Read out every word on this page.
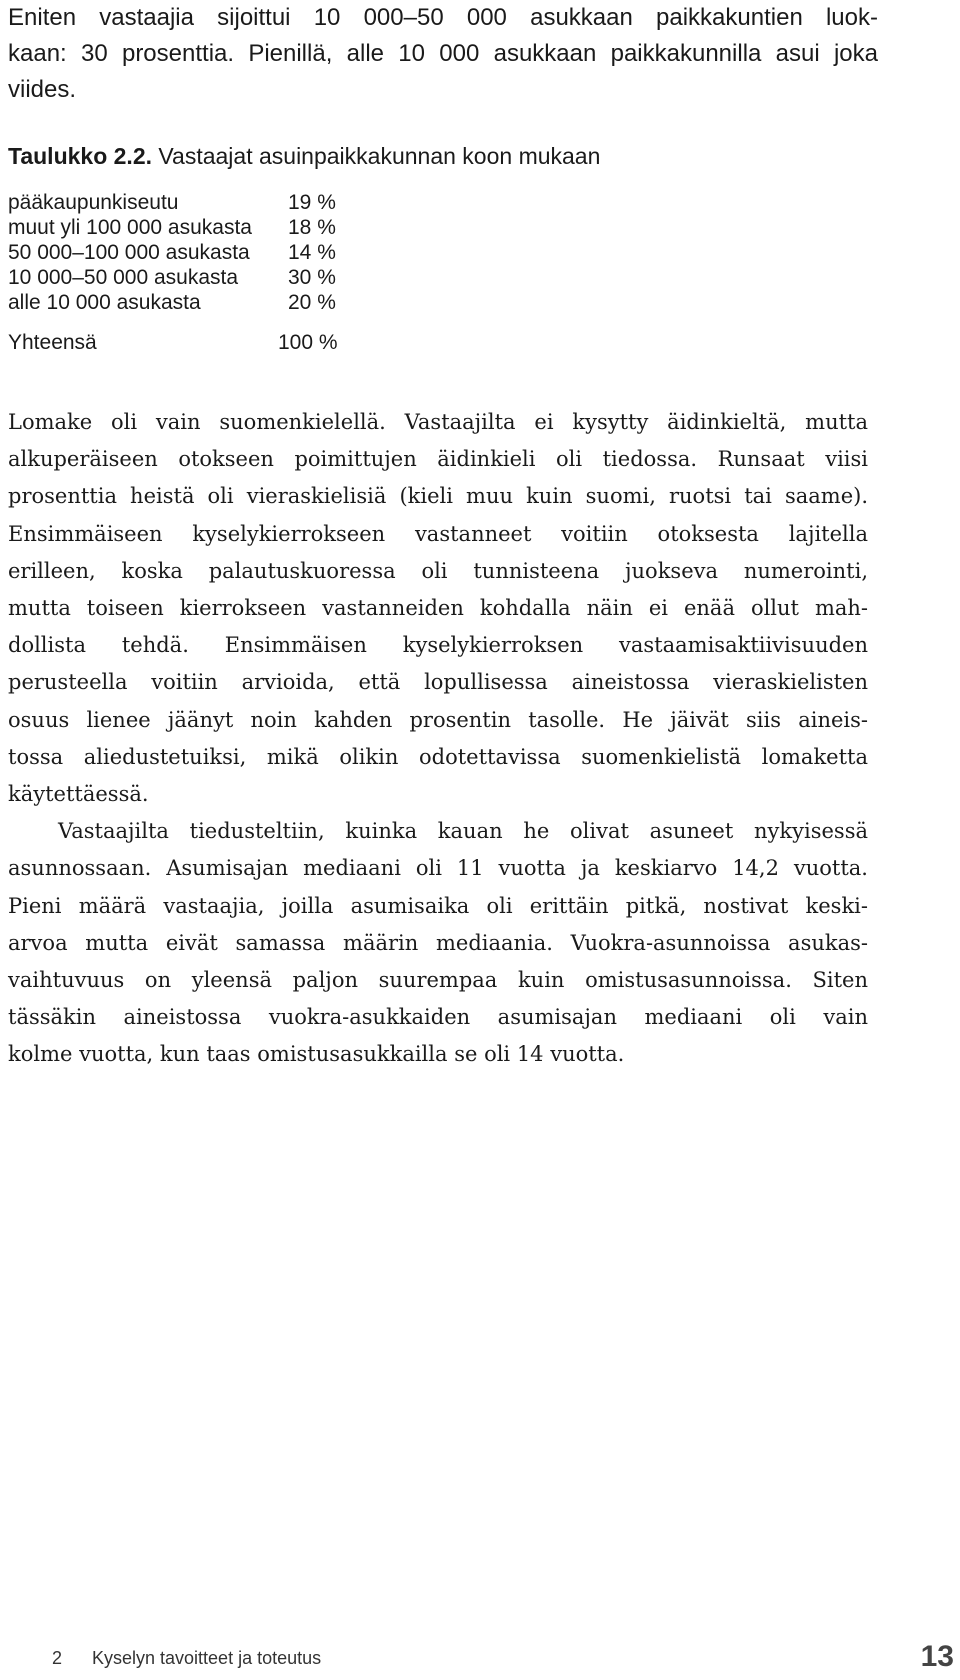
Eniten vastaajia sijoittui 10 000–50 000 asukkaan paikkakuntien luok-
kaan: 30 prosenttia. Pienillä, alle 10 000 asukkaan paikkakunnilla asui joka
viides.
Taulukko 2.2. Vastaajat asuinpaikkakunnan koon mukaan
pääkaupunkiseutu	19 %
muut yli 100 000 asukasta	18 %
50 000–100 000 asukasta	14 %
10 000–50 000 asukasta	30 %
alle 10 000 asukasta	20 %
Yhteensä	100 %

Lomake oli vain suomenkielellä. Vastaajilta ei kysytty äidinkieltä, mutta
alkuperäiseen otokseen poimittujen äidinkieli oli tiedossa. Runsaat viisi
prosenttia heistä oli vieraskielisiä (kieli muu kuin suomi, ruotsi tai saame).
Ensimmäiseen kyselykierrokseen vastanneet voitiin otoksesta lajitella
erilleen, koska palautuskuoressa oli tunnisteena juokseva numerointi,
mutta toiseen kierrokseen vastanneiden kohdalla näin ei enää ollut mah-
dollista tehdä. Ensimmäisen kyselykierroksen vastaamisaktiivisuuden
perusteella voitiin arvioida, että lopullisessa aineistossa vieraskielisten
osuus lienee jäänyt noin kahden prosentin tasolle. He jäivät siis aineis-
tossa aliedustetuiksi, mikä olikin odotettavissa suomenkielistä lomaketta
käytettäessä.

Vastaajilta tiedusteltiin, kuinka kauan he olivat asuneet nykyisessä
asunnossaan. Asumisajan mediaani oli 11 vuotta ja keskiarvo 14,2 vuotta.
Pieni määrä vastaajia, joilla asumisaika oli erittäin pitkä, nostivat keski-
arvoa mutta eivät samassa määrin mediaania. Vuokra-asunnoissa asukas-
vaihtuvuus on yleensä paljon suurempaa kuin omistusasunnoissa. Siten
tässäkin aineistossa vuokra-asukkaiden asumisajan mediaani oli vain
kolme vuotta, kun taas omistusasukkailla se oli 14 vuotta.

2 Kyselyn tavoitteet ja toteutus	13
